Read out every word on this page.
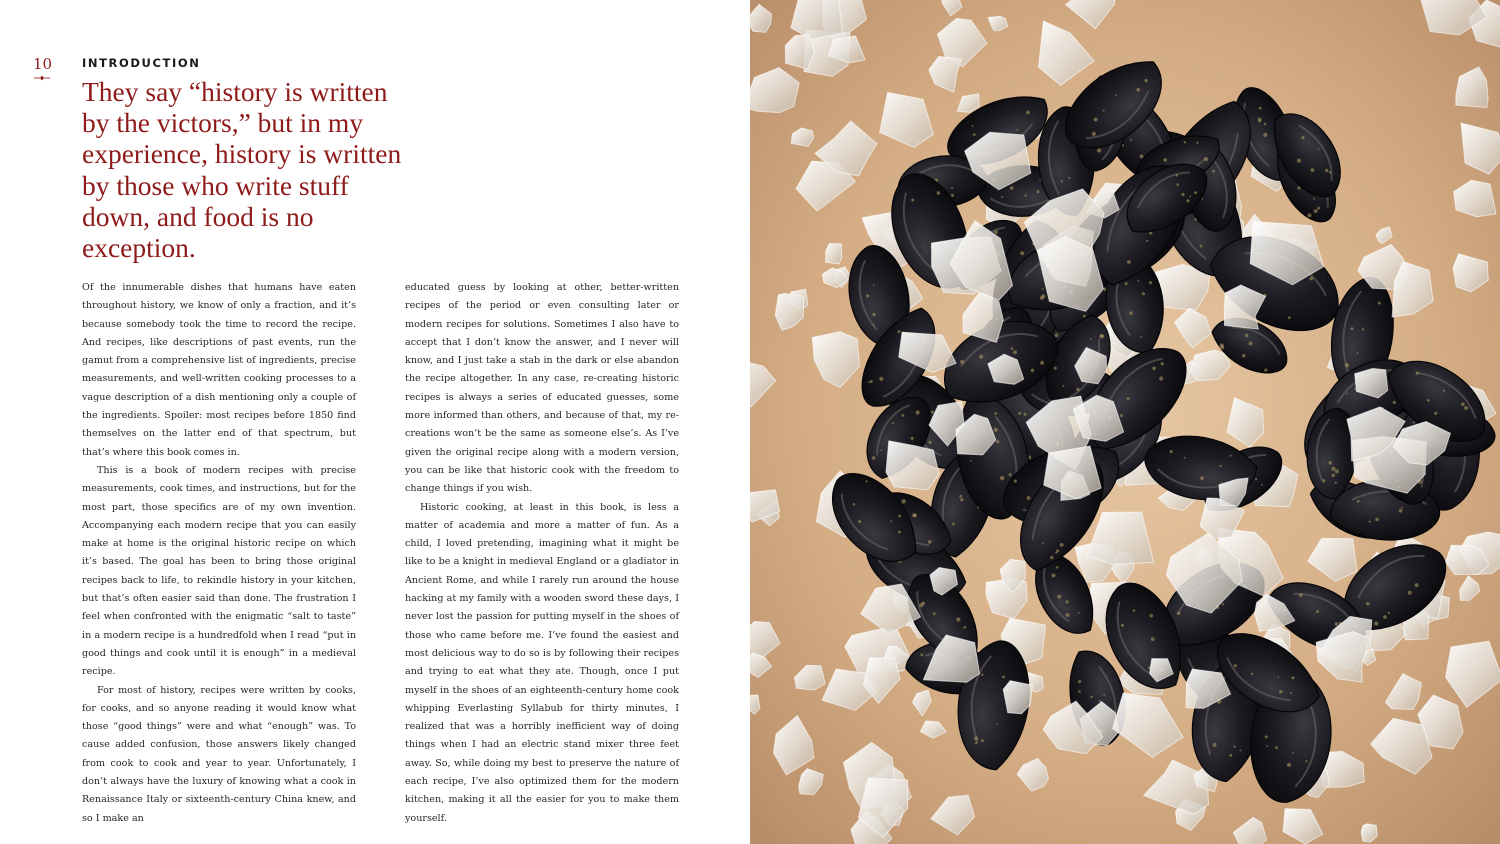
10	INTRODUCTION
They say “history is written by the victors,” but in my experience, history is written by those who write stuff down, and food is no exception.

Of the innumerable dishes that humans have eaten throughout history, we know of only a fraction, and it’s because somebody took the time to record the recipe. And recipes, like descriptions of past events, run the gamut from a comprehensive list of ingredients, precise measurements, and well-written cooking processes to a vague description of a dish mentioning only a couple of the ingredients. Spoiler: most recipes before 1850 find themselves on the latter end of that spectrum, but that’s where this book comes in.

This is a book of modern recipes with precise measurements, cook times, and instructions, but for the most part, those specifics are of my own invention. Accompanying each modern recipe that you can easily make at home is the original historic recipe on which it’s based. The goal has been to bring those original recipes back to life, to rekindle history in your kitchen, but that’s often easier said than done. The frustration I feel when confronted with the enigmatic “salt to taste” in a modern recipe is a hundredfold when I read “put in good things and cook until it is enough” in a medieval recipe.

For most of history, recipes were written by cooks, for cooks, and so anyone reading it would know what those “good things” were and what “enough” was. To cause added confusion, those answers likely changed from cook to cook and year to year. Unfortunately, I don’t always have the luxury of knowing what a cook in Renaissance Italy or sixteenth-century China knew, and so I make an

educated guess by looking at other, better-written recipes of the period or even consulting later or modern recipes for solutions. Sometimes I also have to accept that I don’t know the answer, and I never will know, and I just take a stab in the dark or else abandon the recipe altogether. In any case, re-creating historic recipes is always a series of educated guesses, some more informed than others, and because of that, my re-creations won’t be the same as someone else’s. As I’ve given the original recipe along with a modern version, you can be like that historic cook with the freedom to change things if you wish.

Historic cooking, at least in this book, is less a matter of academia and more a matter of fun. As a child, I loved pretending, imagining what it might be like to be a knight in medieval England or a gladiator in Ancient Rome, and while I rarely run around the house hacking at my family with a wooden sword these days, I never lost the passion for putting myself in the shoes of those who came before me. I’ve found the easiest and most delicious way to do so is by following their recipes and trying to eat what they ate. Though, once I put myself in the shoes of an eighteenth-century home cook whipping Everlasting Syllabub for thirty minutes, I realized that was a horribly inefficient way of doing things when I had an electric stand mixer three feet away. So, while doing my best to preserve the nature of each recipe, I’ve also optimized them for the modern kitchen, making it all the easier for you to make them yourself.
